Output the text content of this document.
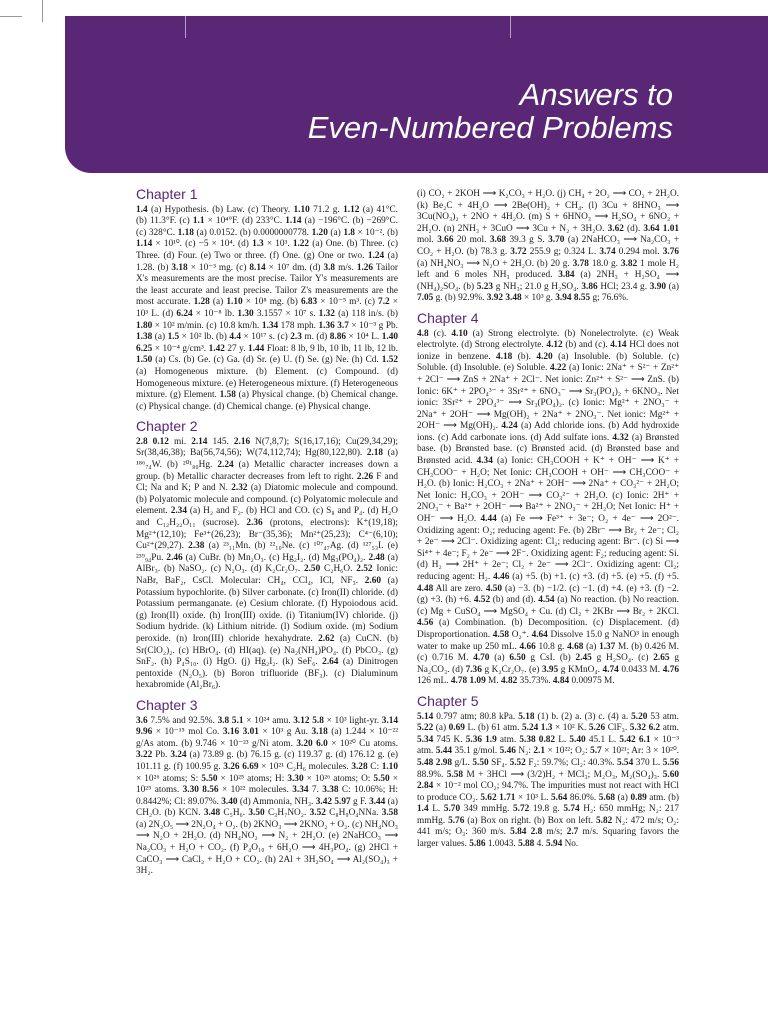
Answers to
Even-Numbered Problems
Chapter 1

1.4 (a) Hypothesis. (b) Law. (c) Theory. 1.10 71.2 g. 1.12 (a) 41°C. (b) 11.3°F. (c) 1.1 × 10⁴°F. (d) 233°C. 1.14 (a) −196°C. (b) −269°C. (c) 328°C. 1.18 (a) 0.0152. (b) 0.0000000778. 1.20 (a) 1.8 × 10⁻². (b) 1.14 × 10¹⁰. (c) −5 × 10⁴. (d) 1.3 × 10³. 1.22 (a) One. (b) Three. (c) Three. (d) Four. (e) Two or three. (f) One. (g) One or two. 1.24 (a) 1.28. (b) 3.18 × 10⁻³ mg. (c) 8.14 × 10⁷ dm. (d) 3.8 m/s. 1.26 Tailor X's measurements are the most precise. Tailor Y's measurements are the least accurate and least precise. Tailor Z's measurements are the most accurate. 1.28 (a) 1.10 × 10⁸ mg. (b) 6.83 × 10⁻⁵ m³. (c) 7.2 × 10³ L. (d) 6.24 × 10⁻⁸ lb. 1.30 3.1557 × 10⁷ s. 1.32 (a) 118 in/s. (b) 1.80 × 10² m/min. (c) 10.8 km/h. 1.34 178 mph. 1.36 3.7 × 10⁻³ g Pb. 1.38 (a) 1.5 × 10² lb. (b) 4.4 × 10¹⁷ s. (c) 2.3 m. (d) 8.86 × 10⁴ L. 1.40 6.25 × 10⁻⁴ g/cm³. 1.42 27 y. 1.44 Float: 8 lb, 9 lb, 10 lb, 11 lb, 12 lb. 1.50 (a) Cs. (b) Ge. (c) Ga. (d) Sr. (e) U. (f) Se. (g) Ne. (h) Cd. 1.52 (a) Homogeneous mixture. (b) Element. (c) Compound. (d) Homogeneous mixture. (e) Heterogeneous mixture. (f) Heterogeneous mixture. (g) Element. 1.58 (a) Physical change. (b) Chemical change. (c) Physical change. (d) Chemical change. (e) Physical change.

Chapter 2

2.8 0.12 mi. 2.14 145. 2.16 N(7,8,7); S(16,17,16); Cu(29,34,29); Sr(38,46,38); Ba(56,74,56); W(74,112,74); Hg(80,122,80). 2.18 (a) ¹⁸⁶₇₄W. (b) ²⁰¹₈₀Hg. 2.24 (a) Metallic character increases down a group. (b) Metallic character decreases from left to right. 2.26 F and Cl; Na and K; P and N. 2.32 (a) Diatomic molecule and compound. (b) Polyatomic molecule and compound. (c) Polyatomic molecule and element. 2.34 (a) H₂ and F₂. (b) HCl and CO. (c) S₈ and P₄. (d) H₂O and C₁₂H₂₂O₁₁ (sucrose). 2.36 (protons, electrons): K⁺(19,18); Mg²⁺(12,10); Fe³⁺(26,23); Br⁻(35,36); Mn²⁺(25,23); C⁴⁻(6,10); Cu²⁺(29,27). 2.38 (a) ²³₁₁Mn. (b) ²²₁₀Ne. (c) ¹⁰⁷₄₇Ag. (d) ¹²⁷₅₃I. (e) ²³⁹₉₄Pu. 2.46 (a) CuBr. (b) Mn₂O₃. (c) Hg₂I₂. (d) Mg₃(PO₄)₂. 2.48 (a) AlBr₃. (b) NaSO₂. (c) N₂O₃. (d) K₂Cr₂O₇. 2.50 C₂H₆O. 2.52 Ionic: NaBr, BaF₂, CsCl. Molecular: CH₄, CCl₄, ICl, NF₃. 2.60 (a) Potassium hypochlorite. (b) Silver carbonate. (c) Iron(II) chloride. (d) Potassium permanganate. (e) Cesium chlorate. (f) Hypoiodous acid. (g) Iron(II) oxide. (h) Iron(III) oxide. (i) Titanium(IV) chloride. (j) Sodium hydride. (k) Lithium nitride. (l) Sodium oxide. (m) Sodium peroxide. (n) Iron(III) chloride hexahydrate. 2.62 (a) CuCN. (b) Sr(ClO₂)₂. (c) HBrO₄. (d) HI(aq). (e) Na₂(NH₄)PO₄. (f) PbCO₃. (g) SnF₂. (h) P₄S₁₀. (i) HgO. (j) Hg₂I₂. (k) SeF₆. 2.64 (a) Dinitrogen pentoxide (N₂O₅). (b) Boron trifluoride (BF₃). (c) Dialuminum hexabromide (Al₂Br₆).

Chapter 3

3.6 7.5% and 92.5%. 3.8 5.1 × 10²⁴ amu. 3.12 5.8 × 10³ light-yr. 3.14 9.96 × 10⁻¹⁵ mol Co. 3.16 3.01 × 10³ g Au. 3.18 (a) 1.244 × 10⁻²² g/As atom. (b) 9.746 × 10⁻²³ g/Ni atom. 3.20 6.0 × 10²⁰ Cu atoms. 3.22 Pb. 3.24 (a) 73.89 g. (b) 76.15 g. (c) 119.37 g. (d) 176.12 g. (e) 101.11 g. (f) 100.95 g. 3.26 6.69 × 10²¹ C₂H₆ molecules. 3.28 C: 1.10 × 10²⁶ atoms; S: 5.50 × 10²⁵ atoms; H: 3.30 × 10²⁶ atoms; O: 5.50 × 10²⁵ atoms. 3.30 8.56 × 10²² molecules. 3.34 7. 3.38 C: 10.06%; H: 0.8442%; Cl: 89.07%. 3.40 (d) Ammonia, NH₃. 3.42 5.97 g F. 3.44 (a) CH₂O. (b) KCN. 3.48 C₅H₆. 3.50 C₃H₇NO₂. 3.52 C₈H₉O₄NNa. 3.58 (a) 2N₂O₅ ⟶ 2N₂O₄ + O₂. (b) 2KNO₃ ⟶ 2KNO₂ + O₂. (c) NH₄NO₃ ⟶ N₂O + 2H₂O. (d) NH₄NO₂ ⟶ N₂ + 2H₂O. (e) 2NaHCO₃ ⟶ Na₂CO₃ + H₂O + CO₂. (f) P₄O₁₀ + 6H₂O ⟶ 4H₃PO₄. (g) 2HCl + CaCO₃ ⟶ CaCl₂ + H₂O + CO₂. (h) 2Al + 3H₂SO₄ ⟶ Al₂(SO₄)₃ + 3H₂.

(i) CO₂ + 2KOH ⟶ K₂CO₃ + H₂O. (j) CH₄ + 2O₂ ⟶ CO₂ + 2H₂O. (k) Be₂C + 4H₂O ⟶ 2Be(OH)₂ + CH₄. (l) 3Cu + 8HNO₃ ⟶ 3Cu(NO₃)₂ + 2NO + 4H₂O. (m) S + 6HNO₃ ⟶ H₂SO₄ + 6NO₂ + 2H₂O. (n) 2NH₃ + 3CuO ⟶ 3Cu + N₂ + 3H₂O. 3.62 (d). 3.64 1.01 mol. 3.66 20 mol. 3.68 39.3 g S. 3.70 (a) 2NaHCO₃ ⟶ Na₂CO₃ + CO₂ + H₂O. (b) 78.3 g. 3.72 255.9 g; 0.324 L. 3.74 0.294 mol. 3.76 (a) NH₄NO₃ ⟶ N₂O + 2H₂O. (b) 20 g. 3.78 18.0 g. 3.82 1 mole H₂ left and 6 moles NH₃ produced. 3.84 (a) 2NH₃ + H₂SO₄ ⟶ (NH₄)₂SO₄. (b) 5.23 g NH₃; 21.0 g H₂SO₄. 3.86 HCl; 23.4 g. 3.90 (a) 7.05 g. (b) 92.9%. 3.92 3.48 × 10³ g. 3.94 8.55 g; 76.6%.

Chapter 4

4.8 (c). 4.10 (a) Strong electrolyte. (b) Nonelectrolyte. (c) Weak electrolyte. (d) Strong electrolyte. 4.12 (b) and (c). 4.14 HCl does not ionize in benzene. 4.18 (b). 4.20 (a) Insoluble. (b) Soluble. (c) Soluble. (d) Insoluble. (e) Soluble. 4.22 (a) Ionic: 2Na⁺ + S²⁻ + Zn²⁺ + 2Cl⁻ ⟶ ZnS + 2Na⁺ + 2Cl⁻. Net ionic: Zn²⁺ + S²⁻ ⟶ ZnS. (b) Ionic: 6K⁺ + 2PO₄³⁻ + 3Sr²⁺ + 6NO₃⁻ ⟶ Sr₃(PO₄)₂ + 6KNO₃. Net ionic: 3Sr²⁺ + 2PO₄³⁻ ⟶ Sr₃(PO₄)₂. (c) Ionic: Mg²⁺ + 2NO₃⁻ + 2Na⁺ + 2OH⁻ ⟶ Mg(OH)₂ + 2Na⁺ + 2NO₃⁻. Net ionic: Mg²⁺ + 2OH⁻ ⟶ Mg(OH)₂. 4.24 (a) Add chloride ions. (b) Add hydroxide ions. (c) Add carbonate ions. (d) Add sulfate ions. 4.32 (a) Brønsted base. (b) Brønsted base. (c) Brønsted acid. (d) Brønsted base and Brønsted acid. 4.34 (a) Ionic: CH₃COOH + K⁺ + OH⁻ ⟶ K⁺ + CH₃COO⁻ + H₂O; Net Ionic: CH₃COOH + OH⁻ ⟶ CH₃COO⁻ + H₂O. (b) Ionic: H₂CO₃ + 2Na⁺ + 2OH⁻ ⟶ 2Na⁺ + CO₃²⁻ + 2H₂O; Net Ionic: H₂CO₃ + 2OH⁻ ⟶ CO₃²⁻ + 2H₂O. (c) Ionic: 2H⁺ + 2NO₃⁻ + Ba²⁺ + 2OH⁻ ⟶ Ba²⁺ + 2NO₃⁻ + 2H₂O; Net Ionic: H⁺ + OH⁻ ⟶ H₂O. 4.44 (a) Fe ⟶ Fe³⁺ + 3e⁻; O₂ + 4e⁻ ⟶ 2O²⁻. Oxidizing agent: O₂; reducing agent: Fe. (b) 2Br⁻ ⟶ Br₂ + 2e⁻; Cl₂ + 2e⁻ ⟶ 2Cl⁻. Oxidizing agent: Cl₂; reducing agent: Br⁻. (c) Si ⟶ Si⁴⁺ + 4e⁻; F₂ + 2e⁻ ⟶ 2F⁻. Oxidizing agent: F₂; reducing agent: Si. (d) H₂ ⟶ 2H⁺ + 2e⁻; Cl₂ + 2e⁻ ⟶ 2Cl⁻. Oxidizing agent: Cl₂; reducing agent: H₂. 4.46 (a) +5. (b) +1. (c) +3. (d) +5. (e) +5. (f) +5. 4.48 All are zero. 4.50 (a) −3. (b) −1/2. (c) −1. (d) +4. (e) +3. (f) −2. (g) +3. (h) +6. 4.52 (b) and (d). 4.54 (a) No reaction. (b) No reaction. (c) Mg + CuSO₄ ⟶ MgSO₄ + Cu. (d) Cl₂ + 2KBr ⟶ Br₂ + 2KCl. 4.56 (a) Combination. (b) Decomposition. (c) Displacement. (d) Disproportionation. 4.58 O₂⁺. 4.64 Dissolve 15.0 g NaNO³ in enough water to make up 250 mL. 4.66 10.8 g. 4.68 (a) 1.37 M. (b) 0.426 M. (c) 0.716 M. 4.70 (a) 6.50 g CsI. (b) 2.45 g H₂SO₄. (c) 2.65 g Na₂CO₃. (d) 7.36 g K₂Cr₂O₇. (e) 3.95 g KMnO₄. 4.74 0.0433 M. 4.76 126 mL. 4.78 1.09 M. 4.82 35.73%. 4.84 0.00975 M.

Chapter 5

5.14 0.797 atm; 80.8 kPa. 5.18 (1) b. (2) a. (3) c. (4) a. 5.20 53 atm. 5.22 (a) 0.69 L. (b) 61 atm. 5.24 1.3 × 10² K. 5.26 ClF₃. 5.32 6.2 atm. 5.34 745 K. 5.36 1.9 atm. 5.38 0.82 L. 5.40 45.1 L. 5.42 6.1 × 10⁻³ atm. 5.44 35.1 g/mol. 5.46 N₂: 2.1 × 10²²; O₂: 5.7 × 10²¹; Ar: 3 × 10²⁰. 5.48 2.98 g/L. 5.50 SF₄. 5.52 F₂: 59.7%; Cl₂: 40.3%. 5.54 370 L. 5.56 88.9%. 5.58 M + 3HCl ⟶ (3/2)H₂ + MCl₃; M₂O₃, M₂(SO₄)₃. 5.60 2.84 × 10⁻² mol CO₂; 94.7%. The impurities must not react with HCl to produce CO₂. 5.62 1.71 × 10³ L. 5.64 86.0%. 5.68 (a) 0.89 atm. (b) 1.4 L. 5.70 349 mmHg. 5.72 19.8 g. 5.74 H₂: 650 mmHg; N₂: 217 mmHg. 5.76 (a) Box on right. (b) Box on left. 5.82 N₂: 472 m/s; O₂: 441 m/s; O₃: 360 m/s. 5.84 2.8 m/s; 2.7 m/s. Squaring favors the larger values. 5.86 1.0043. 5.88 4. 5.94 No.
